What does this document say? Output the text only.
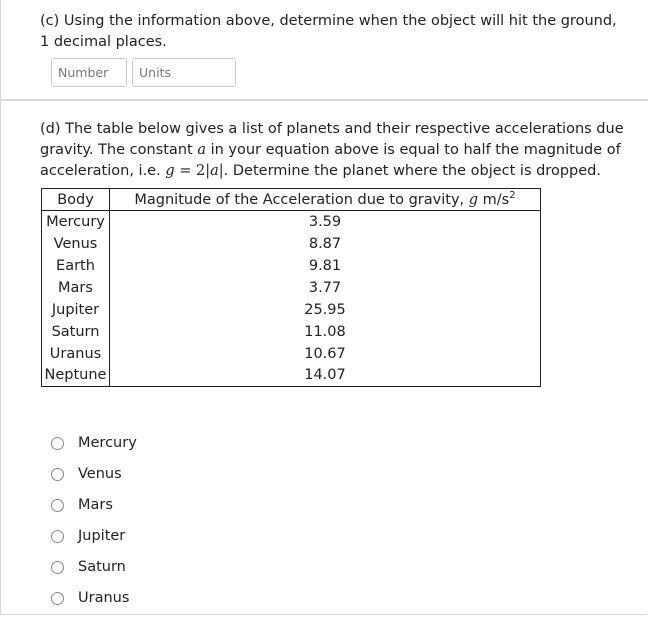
(c) Using the information above, determine when the object will hit the ground,
1 decimal places.
Number
Units
(d) The table below gives a list of planets and their respective accelerations due
gravity. The constant a in your equation above is equal to half the magnitude of
acceleration, i.e. g = 2|a|. Determine the planet where the object is dropped.
Body	Magnitude of the Acceleration due to gravity, g $m/s^2$
Mercury	3.59
Venus	8.87
Earth	9.81
Mars	3.77
Jupiter	25.95
Saturn	11.08
Uranus	10.67
Neptune	14.07
Mercury
Venus
Mars
Jupiter
Saturn
Uranus
